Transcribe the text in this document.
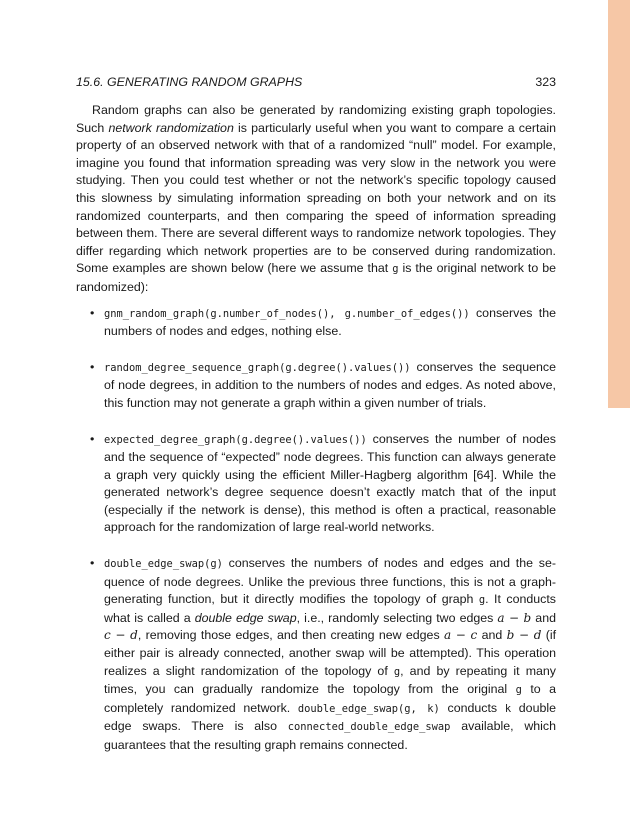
15.6. GENERATING RANDOM GRAPHS	323

Random graphs can also be generated by randomizing existing graph topologies. Such network randomization is particularly useful when you want to compare a certain property of an observed network with that of a randomized “null” model. For example, imagine you found that information spreading was very slow in the network you were studying. Then you could test whether or not the network’s specific topology caused this slowness by simulating information spreading on both your network and on its randomized counterparts, and then comparing the speed of information spreading between them. There are several different ways to randomize network topologies. They differ regarding which network properties are to be conserved during randomization. Some examples are shown below (here we assume that g is the original network to be randomized):

• gnm_random_graph(g.number_of_nodes(), g.number_of_edges()) conserves the numbers of nodes and edges, nothing else.
• random_degree_sequence_graph(g.degree().values()) conserves the sequence of node degrees, in addition to the numbers of nodes and edges. As noted above, this function may not generate a graph within a given number of trials.
• expected_degree_graph(g.degree().values()) conserves the number of nodes and the sequence of “expected” node degrees. This function can always generate a graph very quickly using the efficient Miller-Hagberg algorithm [64]. While the generated network’s degree sequence doesn’t exactly match that of the input (especially if the network is dense), this method is often a practical, reasonable approach for the randomization of large real-world networks.
• double_edge_swap(g) conserves the numbers of nodes and edges and the sequence of node degrees. Unlike the previous three functions, this is not a graph-generating function, but it directly modifies the topology of graph g. It conducts what is called a double edge swap, i.e., randomly selecting two edges a − b and c − d, removing those edges, and then creating new edges a − c and b − d (if either pair is already connected, another swap will be attempted). This operation realizes a slight randomization of the topology of g, and by repeating it many times, you can gradually randomize the topology from the original g to a completely randomized network. double_edge_swap(g, k) conducts k double edge swaps. There is also connected_double_edge_swap available, which guarantees that the resulting graph remains connected.
